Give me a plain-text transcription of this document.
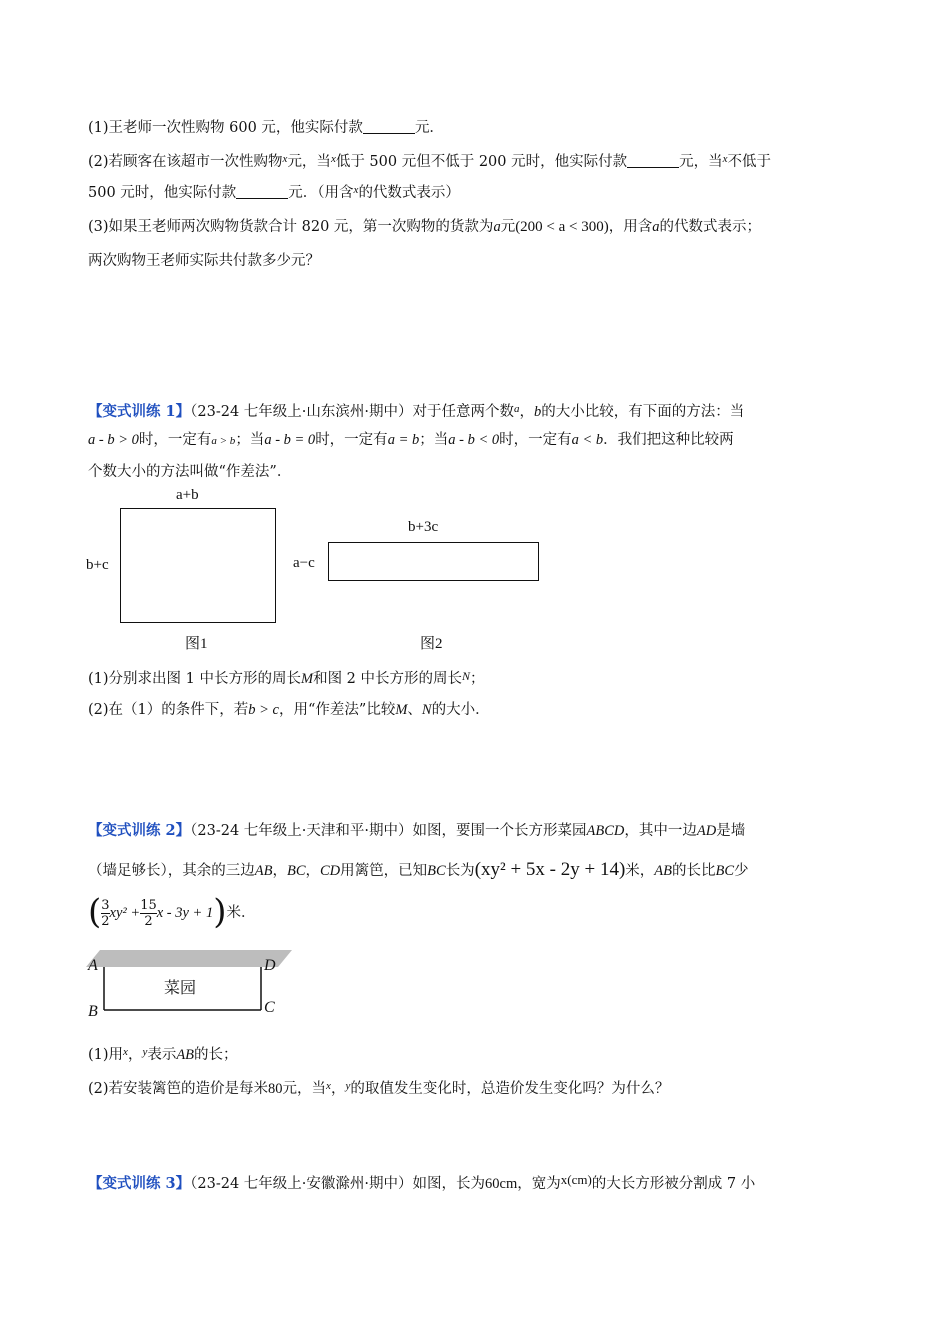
(1)王老师一次性购物 600 元，他实际付款	元．
(2)若顾客在该超市一次性购物$^x$元，当$^x$低于 500 元但不低于 200 元时，他实际付款	元，当$^x$不低于
500 元时，他实际付款	元．（用含$^x$的代数式表示）
(3)如果王老师两次购物货款合计 820 元，第一次购物的货款为a元(200 < a < 300)，用含a的代数式表示；
两次购物王老师实际共付款多少元？
【变式训练 1】（23-24 七年级上·山东滨州·期中）对于任意两个数$^a$，b的大小比较，有下面的方法：当
a - b > 0时，一定有a > b；当a - b = 0时，一定有a = b；当a - b < 0时，一定有a < b．我们把这种比较两
个数大小的方法叫做“作差法”．
a+b
b+c
图1
b+3c
a−c
图2
(1)分别求出图 1 中长方形的周长M和图 2 中长方形的周长$^N$；
(2)在（1）的条件下，若b > c，用“作差法”比较M、N的大小．
【变式训练 2】（23-24 七年级上·天津和平·期中）如图，要围一个长方形菜园ABCD，其中一边AD是墙
（墙足够长），其余的三边AB，BC，CD用篱笆，已知BC长为(xy² + 5x - 2y + 14)米，AB的长比BC少
( $\frac{3}{2} xy^2 + \frac{15}{2}$ x - 3y + 1)米．
菜园
A	D
B	C
(1)用$^x$，$^y$表示AB的长；
(2)若安装篱笆的造价是每米80元，当$^x$，$^y$的取值发生变化时，总造价发生变化吗？为什么？
【变式训练 3】（23-24 七年级上·安徽滁州·期中）如图，长为60cm，宽为x(cm)的大长方形被分割成 7 小
